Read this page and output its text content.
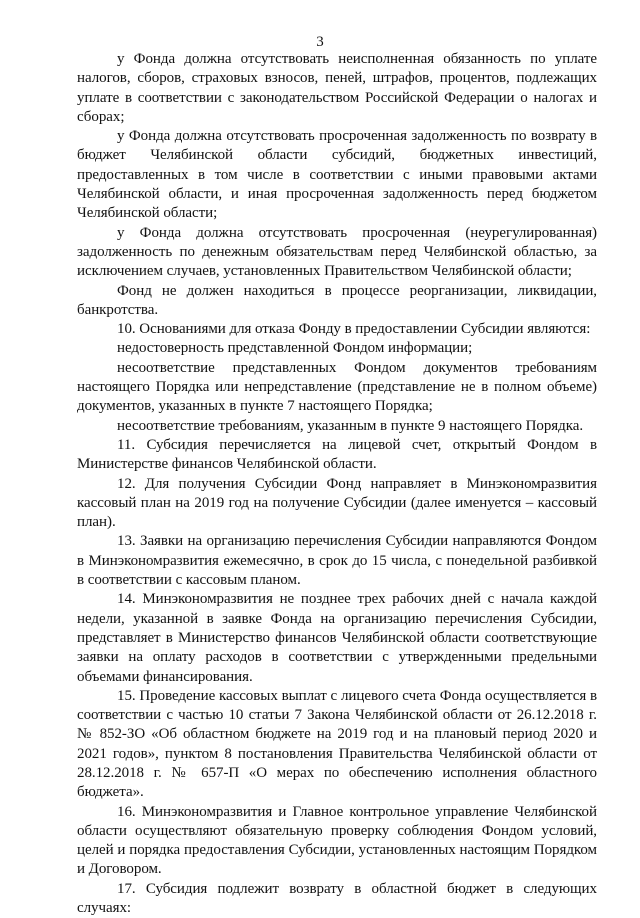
3

у Фонда должна отсутствовать неисполненная обязанность по уплате налогов, сборов, страховых взносов, пеней, штрафов, процентов, подлежащих уплате в соответствии с законодательством Российской Федерации о налогах и сборах;

у Фонда должна отсутствовать просроченная задолженность по возврату в бюджет Челябинской области субсидий, бюджетных инвестиций, предоставленных в том числе в соответствии с иными правовыми актами Челябинской области, и иная просроченная задолженность перед бюджетом Челябинской области;

у Фонда должна отсутствовать просроченная (неурегулированная) задолженность по денежным обязательствам перед Челябинской областью, за исключением случаев, установленных Правительством Челябинской области;

Фонд не должен находиться в процессе реорганизации, ликвидации, банкротства.

10. Основаниями для отказа Фонду в предоставлении Субсидии являются:

недостоверность представленной Фондом информации;

несоответствие представленных Фондом документов требованиям настоящего Порядка или непредставление (представление не в полном объеме) документов, указанных в пункте 7 настоящего Порядка;

несоответствие требованиям, указанным в пункте 9 настоящего Порядка.

11. Субсидия перечисляется на лицевой счет, открытый Фондом в Министерстве финансов Челябинской области.

12. Для получения Субсидии Фонд направляет в Минэкономразвития кассовый план на 2019 год на получение Субсидии (далее именуется – кассовый план).

13. Заявки на организацию перечисления Субсидии направляются Фондом в Минэкономразвития ежемесячно, в срок до 15 числа, с понедельной разбивкой в соответствии с кассовым планом.

14. Минэкономразвития не позднее трех рабочих дней с начала каждой недели, указанной в заявке Фонда на организацию перечисления Субсидии, представляет в Министерство финансов Челябинской области соответствующие заявки на оплату расходов в соответствии с утвержденными предельными объемами финансирования.

15. Проведение кассовых выплат с лицевого счета Фонда осуществляется в соответствии с частью 10 статьи 7 Закона Челябинской области от 26.12.2018 г. № 852-ЗО «Об областном бюджете на 2019 год и на плановый период 2020 и 2021 годов», пунктом 8 постановления Правительства Челябинской области от 28.12.2018 г. № 657-П «О мерах по обеспечению исполнения областного бюджета».

16. Минэкономразвития и Главное контрольное управление Челябинской области осуществляют обязательную проверку соблюдения Фондом условий, целей и порядка предоставления Субсидии, установленных настоящим Порядком и Договором.

17. Субсидия подлежит возврату в областной бюджет в следующих случаях:
